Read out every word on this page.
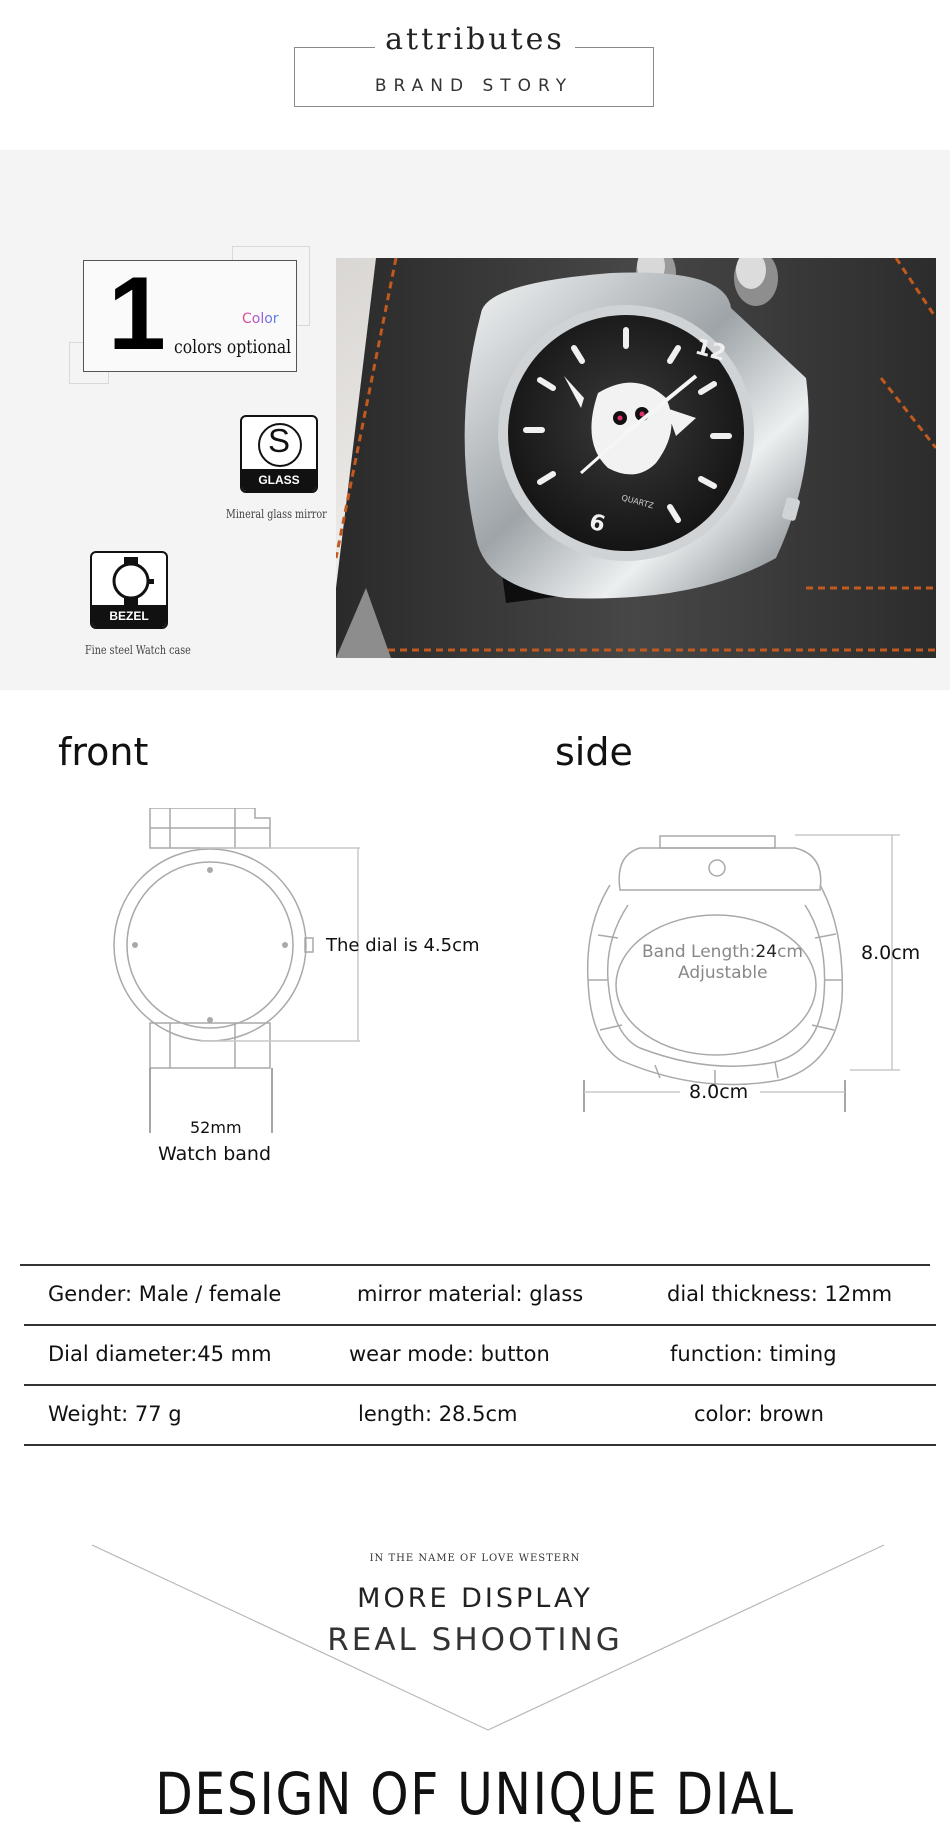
attributes
BRAND STORY
1	Color
colors optional
S
GLASS
Mineral glass mirror
BEZEL
Fine steel Watch case
12
6
QUARTZ
front	side
The dial is 4.5cm
52mm
Watch band
Band Length:24cm
Adjustable
8.0cm
8.0cm
Gender: Male / female	mirror material: glass	dial thickness: 12mm
Dial diameter:45 mm	wear mode: button	function: timing
Weight: 77 g	length: 28.5cm	color: brown
IN THE NAME OF LOVE WESTERN
MORE DISPLAY
REAL SHOOTING
DESIGN OF UNIQUE DIAL
